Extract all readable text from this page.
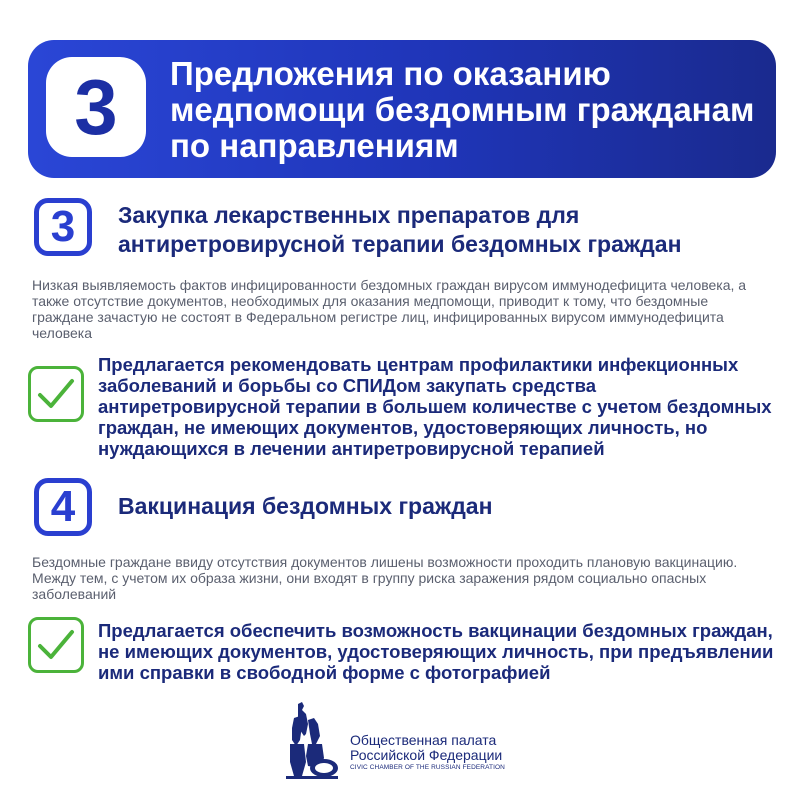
3	Предложения по оказанию медпомощи бездомным гражданам по направлениям
3	Закупка лекарственных препаратов для антиретровирусной терапии бездомных граждан
Низкая выявляемость фактов инфицированности бездомных граждан вирусом иммунодефицита человека, а также отсутствие документов, необходимых для оказания медпомощи, приводит к тому, что бездомные граждане зачастую не состоят в Федеральном регистре лиц, инфицированных вирусом иммунодефицита человека
Предлагается рекомендовать центрам профилактики инфекционных заболеваний и борьбы со СПИДом закупать средства антиретровирусной терапии в большем количестве с учетом бездомных граждан, не имеющих документов, удостоверяющих личность, но нуждающихся в лечении антиретровирусной терапией
4	Вакцинация бездомных граждан
Бездомные граждане ввиду отсутствия документов лишены возможности проходить плановую вакцинацию. Между тем, с учетом их образа жизни, они входят в группу риска заражения рядом социально опасных заболеваний
Предлагается обеспечить возможность вакцинации бездомных граждан, не имеющих документов, удостоверяющих личность, при предъявлении ими справки в свободной форме с фотографией
Общественная палата
Российской Федерации
CIVIC CHAMBER OF THE RUSSIAN FEDERATION
